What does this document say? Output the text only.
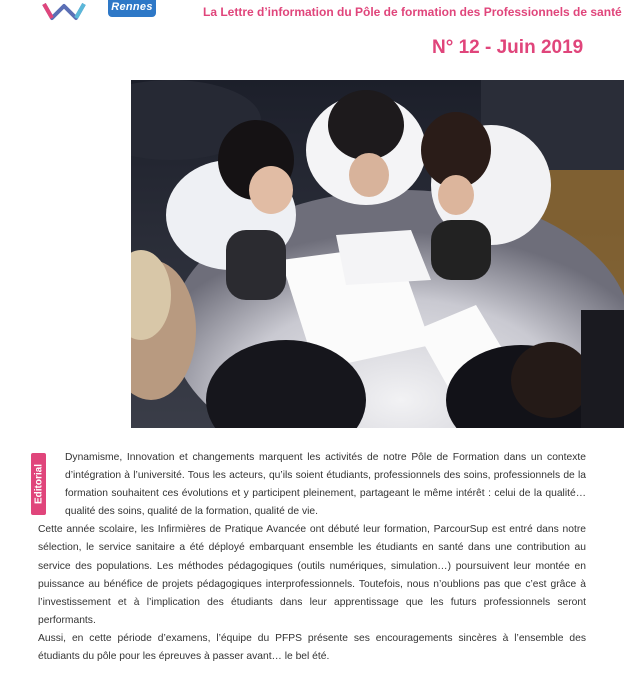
Rennes	La Lettre d’information du Pôle de formation des Professionnels de santé
N° 12 - Juin 2019
Editorial

Dynamisme, Innovation et changements marquent les activités de notre Pôle de Formation dans un contexte d’intégration à l’université. Tous les acteurs, qu’ils soient étudiants, professionnels des soins, professionnels de la formation souhaitent ces évolutions et y participent pleinement, partageant le même intérêt : celui de la qualité… qualité des soins, qualité de la formation, qualité de vie.

Cette année scolaire, les Infirmières de Pratique Avancée ont débuté leur formation, ParcourSup est entré dans notre sélection, le service sanitaire a été déployé embarquant ensemble les étudiants en santé dans une contribution au service des populations. Les méthodes pédagogiques (outils numériques, simulation…) poursuivent leur montée en puissance au bénéfice de projets pédagogiques interprofessionnels. Toutefois, nous n’oublions pas que c’est grâce à l’investissement et à l’implication des étudiants dans leur apprentissage que les futurs professionnels seront performants.

Aussi, en cette période d’examens, l’équipe du PFPS présente ses encouragements sincères à l’ensemble des étudiants du pôle pour les épreuves à passer avant… le bel été.
